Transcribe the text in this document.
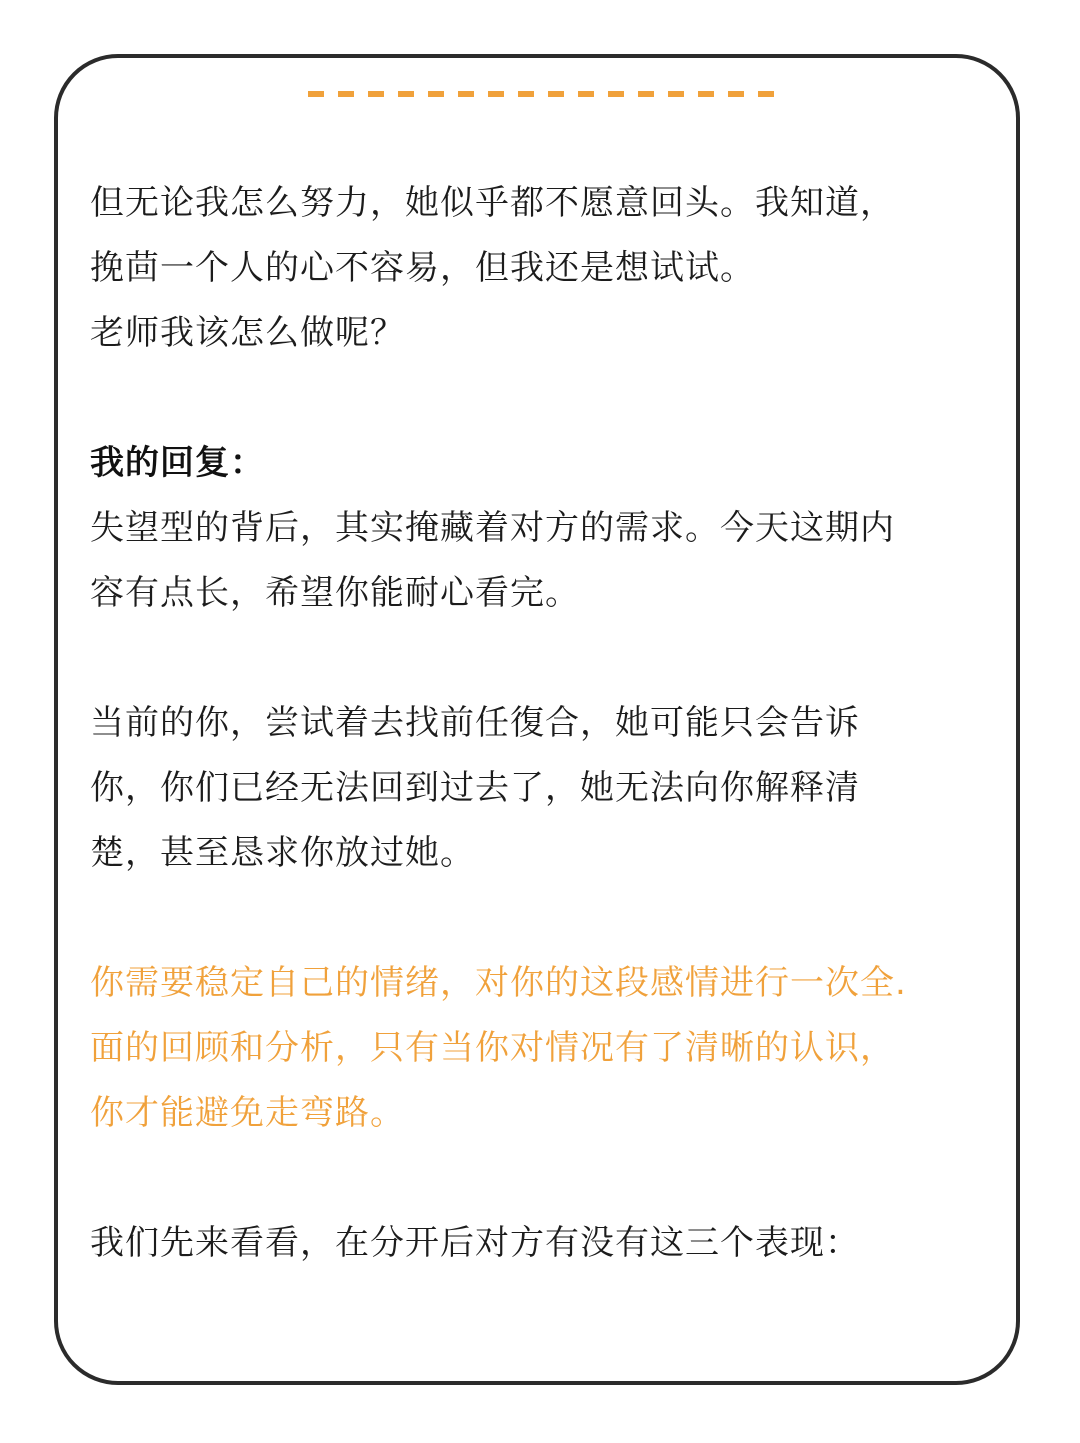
但无论我怎么努力，她似乎都不愿意回头。我知道，
挽茴一个人的心不容易，但我还是想试试。
老师我该怎么做呢？

我的回复：

失望型的背后，其实掩藏着对方的需求。今天这期内
容有点长，希望你能耐心看完。

当前的你，尝试着去找前任復合，她可能只会告诉
你，你们已经无法回到过去了，她无法向你解释清
楚，甚至恳求你放过她。

你需要稳定自己的情绪，对你的这段感情进行一次全.
面的回顾和分析，只有当你对情况有了清晰的认识，
你才能避免走弯路。

我们先来看看，在分开后对方有没有这三个表现：
